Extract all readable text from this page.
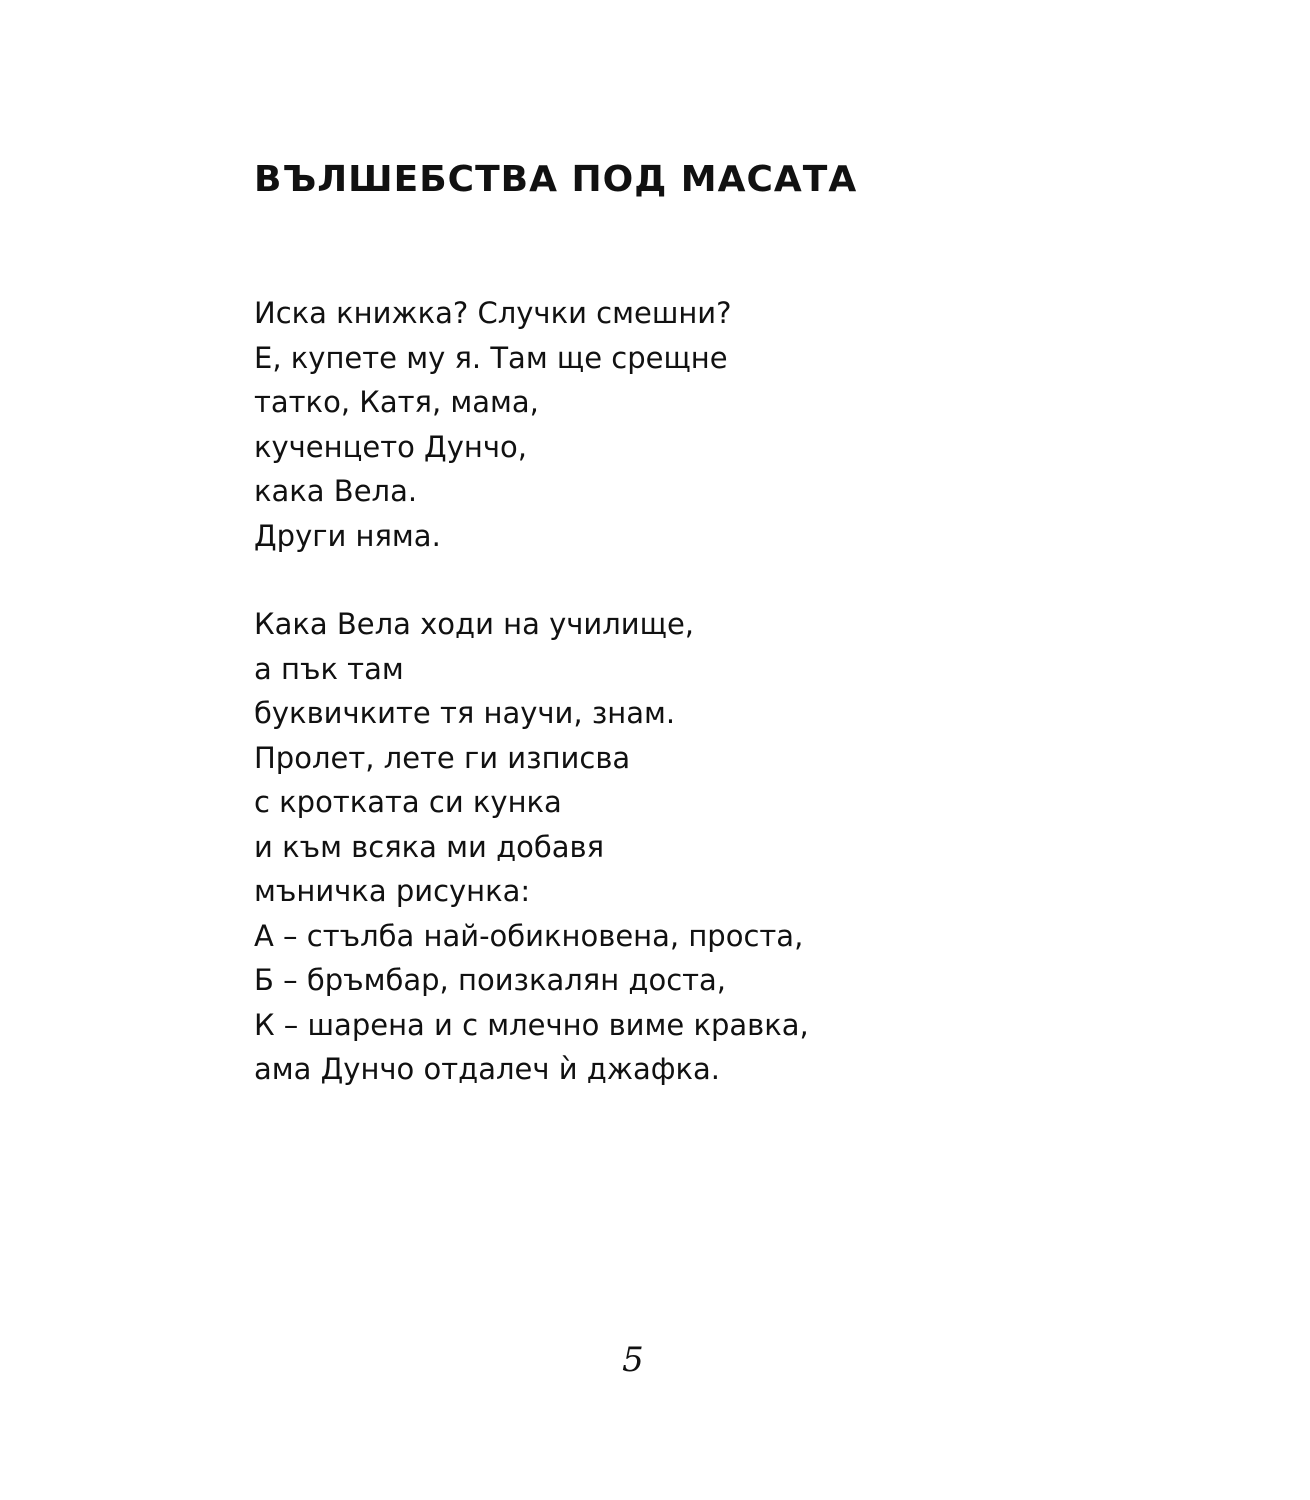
ВЪЛШЕБСТВА ПОД МАСАТА
Иска книжка? Случки смешни?
Е, купете му я. Там ще срещне
татко, Катя, мама,
кученцето Дунчо,
кака Вела.
Други няма.
Кака Вела ходи на училище,
а пък там
буквичките тя научи, знам.
Пролет, лете ги изписва
с кротката си кунка
и към всяка ми добавя
мъничка рисунка:
А – стълба най-обикновена, проста,
Б – бръмбар, поизкалян доста,
К – шарена и с млечно виме кравка,
ама Дунчо отдалеч ѝ джафка.
5
